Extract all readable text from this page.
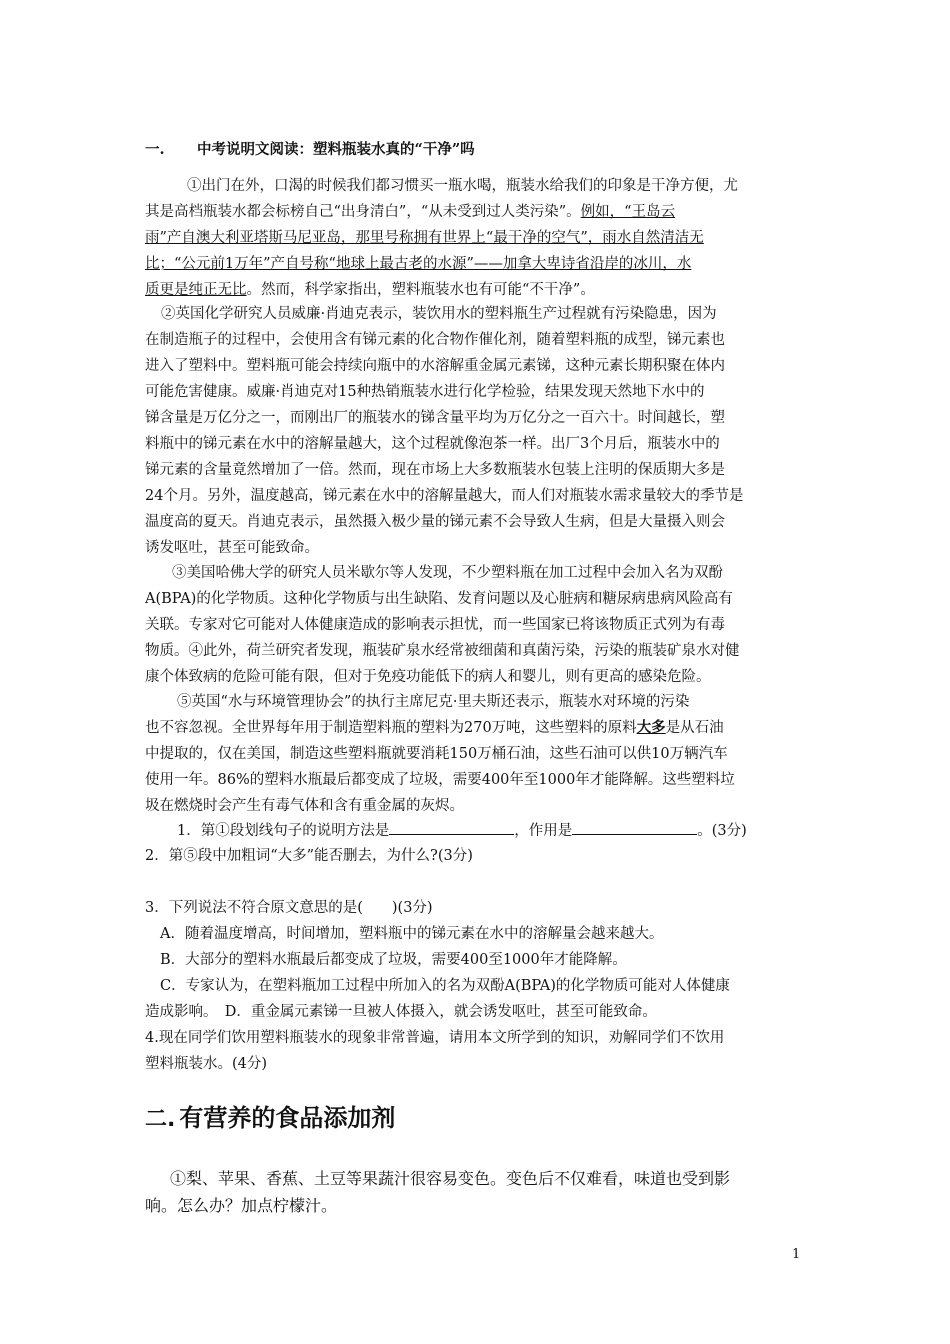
一. 中考说明文阅读：塑料瓶装水真的“干净”吗
①出门在外，口渴的时候我们都习惯买一瓶水喝，瓶装水给我们的印象是干净方便，尤
其是高档瓶装水都会标榜自己“出身清白”，“从未受到过人类污染”。例如，“王岛云
雨”产自澳大利亚塔斯马尼亚岛，那里号称拥有世界上“最干净的空气”，雨水自然清洁无
比；“公元前1万年”产自号称“地球上最古老的水源”——加拿大卑诗省沿岸的冰川，水
质更是纯正无比。然而，科学家指出，塑料瓶装水也有可能“不干净”。
②英国化学研究人员威廉·肖迪克表示，装饮用水的塑料瓶生产过程就有污染隐患，因为
在制造瓶子的过程中，会使用含有锑元素的化合物作催化剂，随着塑料瓶的成型，锑元素也
进入了塑料中。塑料瓶可能会持续向瓶中的水溶解重金属元素锑，这种元素长期积聚在体内
可能危害健康。威廉·肖迪克对15种热销瓶装水进行化学检验，结果发现天然地下水中的
锑含量是万亿分之一，而刚出厂的瓶装水的锑含量平均为万亿分之一百六十。时间越长，塑
料瓶中的锑元素在水中的溶解量越大，这个过程就像泡茶一样。出厂3个月后，瓶装水中的
锑元素的含量竟然增加了一倍。然而，现在市场上大多数瓶装水包装上注明的保质期大多是
24个月。另外，温度越高，锑元素在水中的溶解量越大，而人们对瓶装水需求量较大的季节是
温度高的夏天。肖迪克表示，虽然摄入极少量的锑元素不会导致人生病，但是大量摄入则会
诱发呕吐，甚至可能致命。
③美国哈佛大学的研究人员米歇尔等人发现，不少塑料瓶在加工过程中会加入名为双酚
A(BPA)的化学物质。这种化学物质与出生缺陷、发育问题以及心脏病和糖尿病患病风险高有
关联。专家对它可能对人体健康造成的影响表示担忧，而一些国家已将该物质正式列为有毒
物质。④此外，荷兰研究者发现，瓶装矿泉水经常被细菌和真菌污染，污染的瓶装矿泉水对健
康个体致病的危险可能有限，但对于免疫功能低下的病人和婴儿，则有更高的感染危险。
⑤英国“水与环境管理协会”的执行主席尼克·里夫斯还表示，瓶装水对环境的污染
也不容忽视。全世界每年用于制造塑料瓶的塑料为270万吨，这些塑料的原料大多是从石油
中提取的，仅在美国，制造这些塑料瓶就要消耗150万桶石油，这些石油可以供10万辆汽车
使用一年。86%的塑料水瓶最后都变成了垃圾，需要400年至1000年才能降解。这些塑料垃
圾在燃烧时会产生有毒气体和含有重金属的灰烬。
1．第①段划线句子的说明方法是	，作用是	。(3分)
2．第⑤段中加粗词“大多”能否删去，为什么?(3分)
3．下列说法不符合原文意思的是(　　)(3分)
A．随着温度增高，时间增加，塑料瓶中的锑元素在水中的溶解量会越来越大。
B．大部分的塑料水瓶最后都变成了垃圾，需要400至1000年才能降解。
C．专家认为，在塑料瓶加工过程中所加入的名为双酚A(BPA)的化学物质可能对人体健康
造成影响。　D．重金属元素锑一旦被人体摄入，就会诱发呕吐，甚至可能致命。
4.现在同学们饮用塑料瓶装水的现象非常普遍，请用本文所学到的知识，劝解同学们不饮用
塑料瓶装水。(4分)
二. 有营养的食品添加剂
①梨、苹果、香蕉、土豆等果蔬汁很容易变色。变色后不仅难看，味道也受到影
响。怎么办？加点柠檬汁。
1
